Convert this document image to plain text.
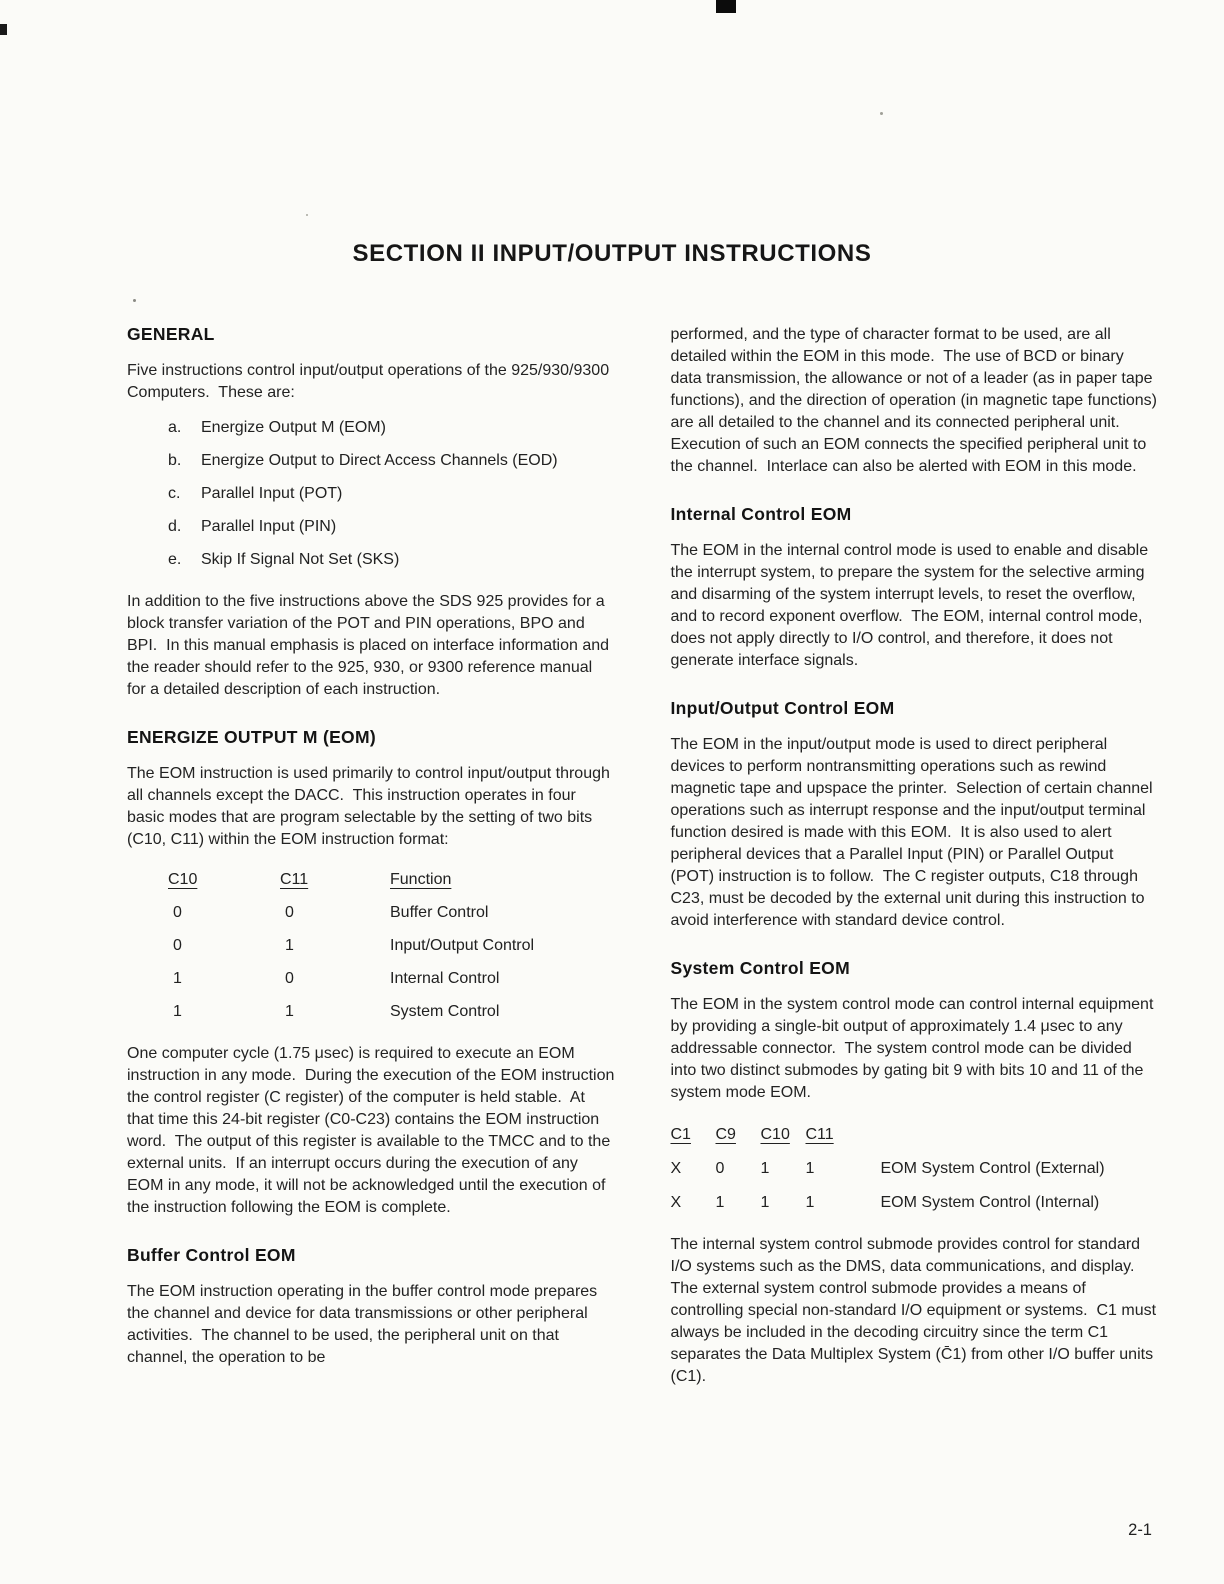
SECTION II INPUT/OUTPUT INSTRUCTIONS
GENERAL

Five instructions control input/output operations of the 925/930/9300 Computers.  These are:

a.	Energize Output M (EOM)
b.	Energize Output to Direct Access Channels (EOD)
c.	Parallel Input (POT)
d.	Parallel Input (PIN)
e.	Skip If Signal Not Set (SKS)

In addition to the five instructions above the SDS 925 provides for a block transfer variation of the POT and PIN operations, BPO and BPI.  In this manual emphasis is placed on interface information and the reader should refer to the 925, 930, or 9300 reference manual for a detailed description of each instruction.

ENERGIZE OUTPUT M (EOM)

The EOM instruction is used primarily to control input/output through all channels except the DACC.  This instruction operates in four basic modes that are program selectable by the setting of two bits (C10, C11) within the EOM instruction format:

C10	C11	Function
0	0	Buffer Control
0	1	Input/Output Control
1	0	Internal Control
1	1	System Control

One computer cycle (1.75 μsec) is required to execute an EOM instruction in any mode.  During the execution of the EOM instruction the control register (C register) of the computer is held stable.  At that time this 24-bit register (C0-C23) contains the EOM instruction word.  The output of this register is available to the TMCC and to the external units.  If an interrupt occurs during the execution of any EOM in any mode, it will not be acknowledged until the execution of the instruction following the EOM is complete.

Buffer Control EOM

The EOM instruction operating in the buffer control mode prepares the channel and device for data transmissions or other peripheral activities.  The channel to be used, the peripheral unit on that channel, the operation to be

performed, and the type of character format to be used, are all detailed within the EOM in this mode.  The use of BCD or binary data transmission, the allowance or not of a leader (as in paper tape functions), and the direction of operation (in magnetic tape functions) are all detailed to the channel and its connected peripheral unit.  Execution of such an EOM connects the specified peripheral unit to the channel.  Interlace can also be alerted with EOM in this mode.

Internal Control EOM

The EOM in the internal control mode is used to enable and disable the interrupt system, to prepare the system for the selective arming and disarming of the system interrupt levels, to reset the overflow, and to record exponent overflow.  The EOM, internal control mode, does not apply directly to I/O control, and therefore, it does not generate interface signals.

Input/Output Control EOM

The EOM in the input/output mode is used to direct peripheral devices to perform nontransmitting operations such as rewind magnetic tape and upspace the printer.  Selection of certain channel operations such as interrupt response and the input/output terminal function desired is made with this EOM.  It is also used to alert peripheral devices that a Parallel Input (PIN) or Parallel Output (POT) instruction is to follow.  The C register outputs, C18 through C23, must be decoded by the external unit during this instruction to avoid interference with standard device control.

System Control EOM

The EOM in the system control mode can control internal equipment by providing a single-bit output of approximately 1.4 μsec to any addressable connector.  The system control mode can be divided into two distinct submodes by gating bit 9 with bits 10 and 11 of the system mode EOM.

C1	C9	C10 C11
X	0	1	1	EOM System Control (External)
X	1	1	1	EOM System Control (Internal)

The internal system control submode provides control for standard I/O systems such as the DMS, data communications, and display.  The external system control submode provides a means of controlling special non-standard I/O equipment or systems.  C1 must always be included in the decoding circuitry since the term C1 separates the Data Multiplex System (C̄1) from other I/O buffer units (C1).

2-1
